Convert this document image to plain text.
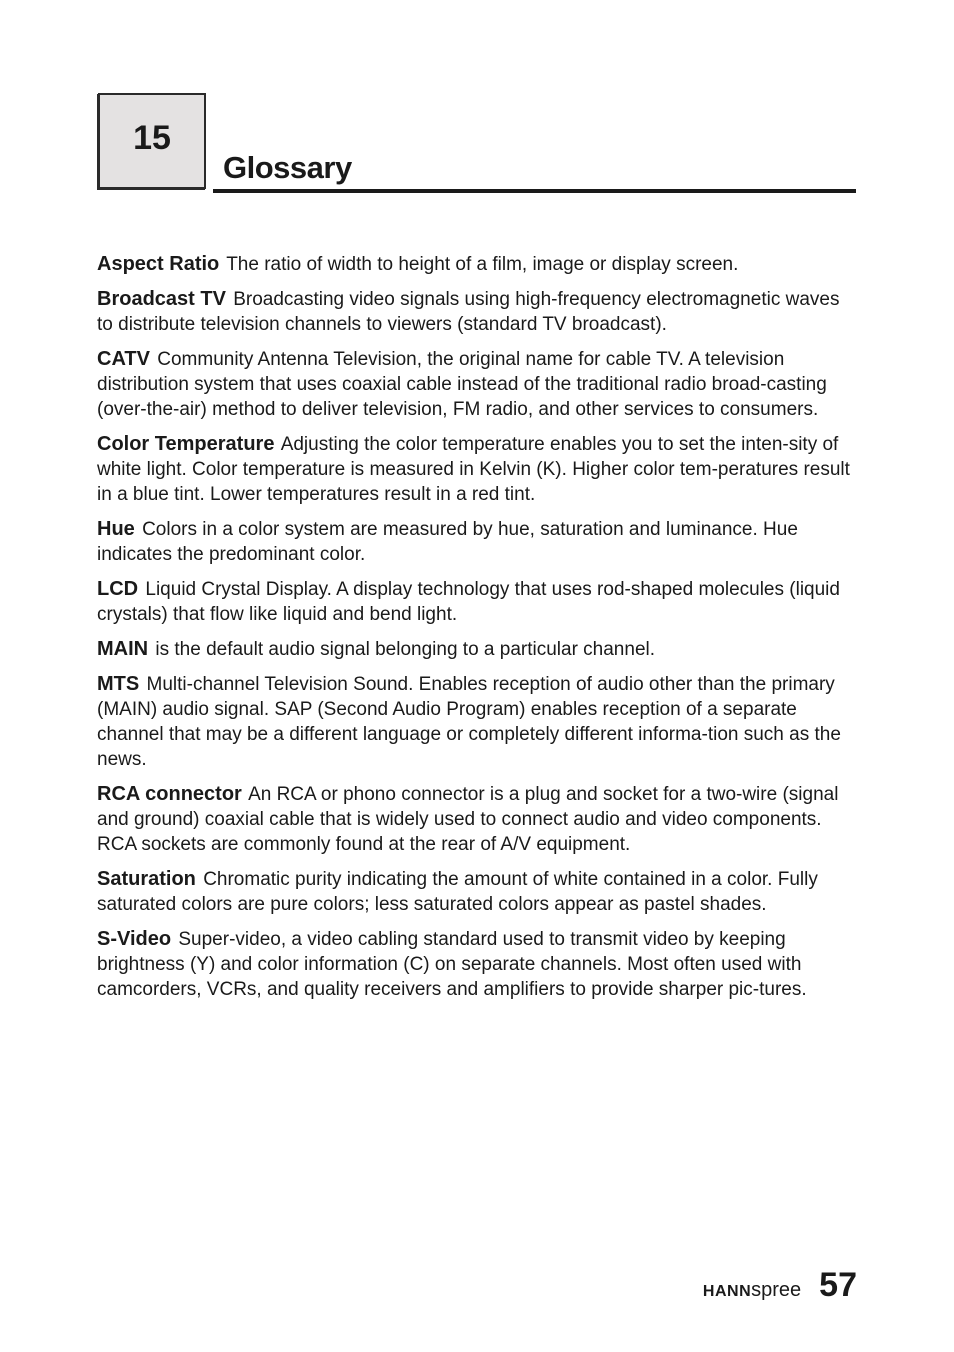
15
Glossary

Aspect Ratio The ratio of width to height of a film, image or display screen.

Broadcast TV Broadcasting video signals using high-frequency electromagnetic waves to distribute television channels to viewers (standard TV broadcast).

CATV Community Antenna Television, the original name for cable TV. A television distribution system that uses coaxial cable instead of the traditional radio broad-casting (over-the-air) method to deliver television, FM radio, and other services to consumers.

Color Temperature Adjusting the color temperature enables you to set the inten-sity of white light. Color temperature is measured in Kelvin (K). Higher color tem-peratures result in a blue tint. Lower temperatures result in a red tint.

Hue Colors in a color system are measured by hue, saturation and luminance. Hue indicates the predominant color.

LCD Liquid Crystal Display. A display technology that uses rod-shaped molecules (liquid crystals) that flow like liquid and bend light.

MAIN is the default audio signal belonging to a particular channel.

MTS Multi-channel Television Sound. Enables reception of audio other than the primary (MAIN) audio signal. SAP (Second Audio Program) enables reception of a separate channel that may be a different language or completely different informa-tion such as the news.

RCA connector An RCA or phono connector is a plug and socket for a two-wire (signal and ground) coaxial cable that is widely used to connect audio and video components. RCA sockets are commonly found at the rear of A/V equipment.

Saturation Chromatic purity indicating the amount of white contained in a color. Fully saturated colors are pure colors; less saturated colors appear as pastel shades.

S-Video Super-video, a video cabling standard used to transmit video by keeping brightness (Y) and color information (C) on separate channels. Most often used with camcorders, VCRs, and quality receivers and amplifiers to provide sharper pic-tures.

HANNspree 57
